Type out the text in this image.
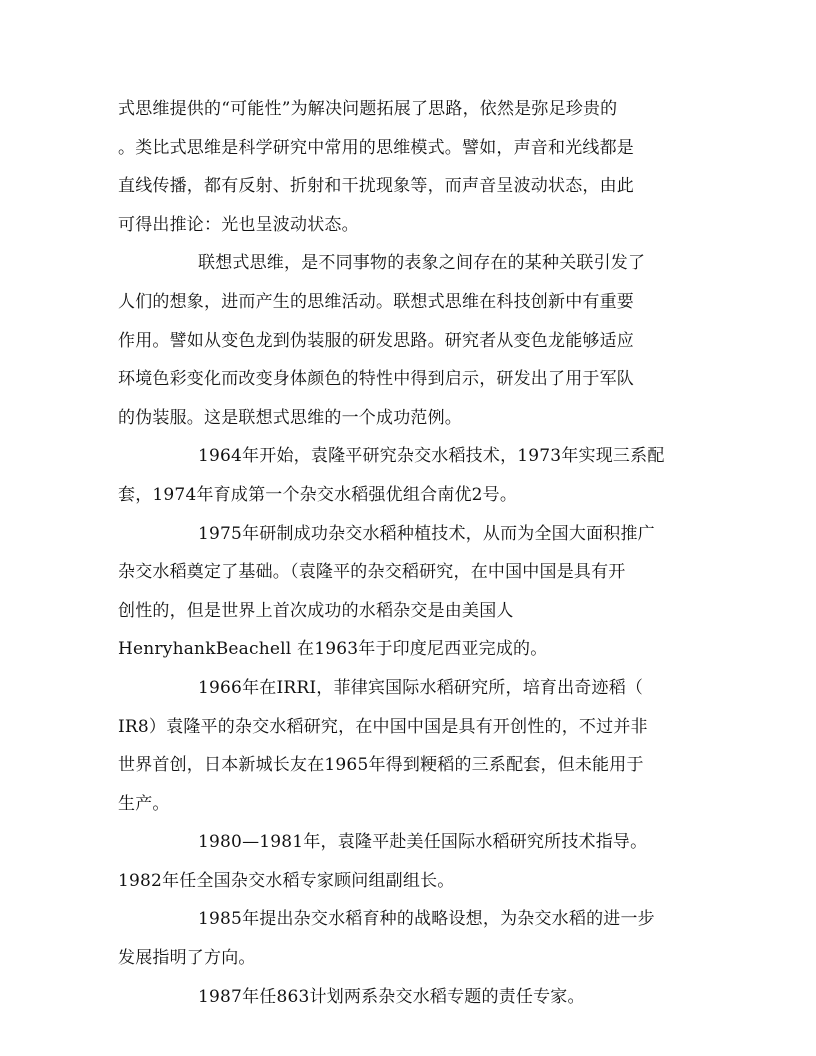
式思维提供的“可能性”为解决问题拓展了思路，依然是弥足珍贵的
。类比式思维是科学研究中常用的思维模式。譬如，声音和光线都是
直线传播，都有反射、折射和干扰现象等，而声音呈波动状态，由此
可得出推论：光也呈波动状态。
联想式思维，是不同事物的表象之间存在的某种关联引发了
人们的想象，进而产生的思维活动。联想式思维在科技创新中有重要
作用。譬如从变色龙到伪装服的研发思路。研究者从变色龙能够适应
环境色彩变化而改变身体颜色的特性中得到启示，研发出了用于军队
的伪装服。这是联想式思维的一个成功范例。
1964年开始，袁隆平研究杂交水稻技术，1973年实现三系配
套，1974年育成第一个杂交水稻强优组合南优2号。
1975年研制成功杂交水稻种植技术，从而为全国大面积推广
杂交水稻奠定了基础。（袁隆平的杂交稻研究，在中国中国是具有开
创性的，但是世界上首次成功的水稻杂交是由美国人
HenryhankBeachell 在1963年于印度尼西亚完成的。
1966年在IRRI，菲律宾国际水稻研究所，培育出奇迹稻（
IR8）袁隆平的杂交水稻研究，在中国中国是具有开创性的，不过并非
世界首创，日本新城长友在1965年得到粳稻的三系配套，但未能用于
生产。
1980—1981年，袁隆平赴美任国际水稻研究所技术指导。
1982年任全国杂交水稻专家顾问组副组长。
1985年提出杂交水稻育种的战略设想，为杂交水稻的进一步
发展指明了方向。
1987年任863计划两系杂交水稻专题的责任专家。
